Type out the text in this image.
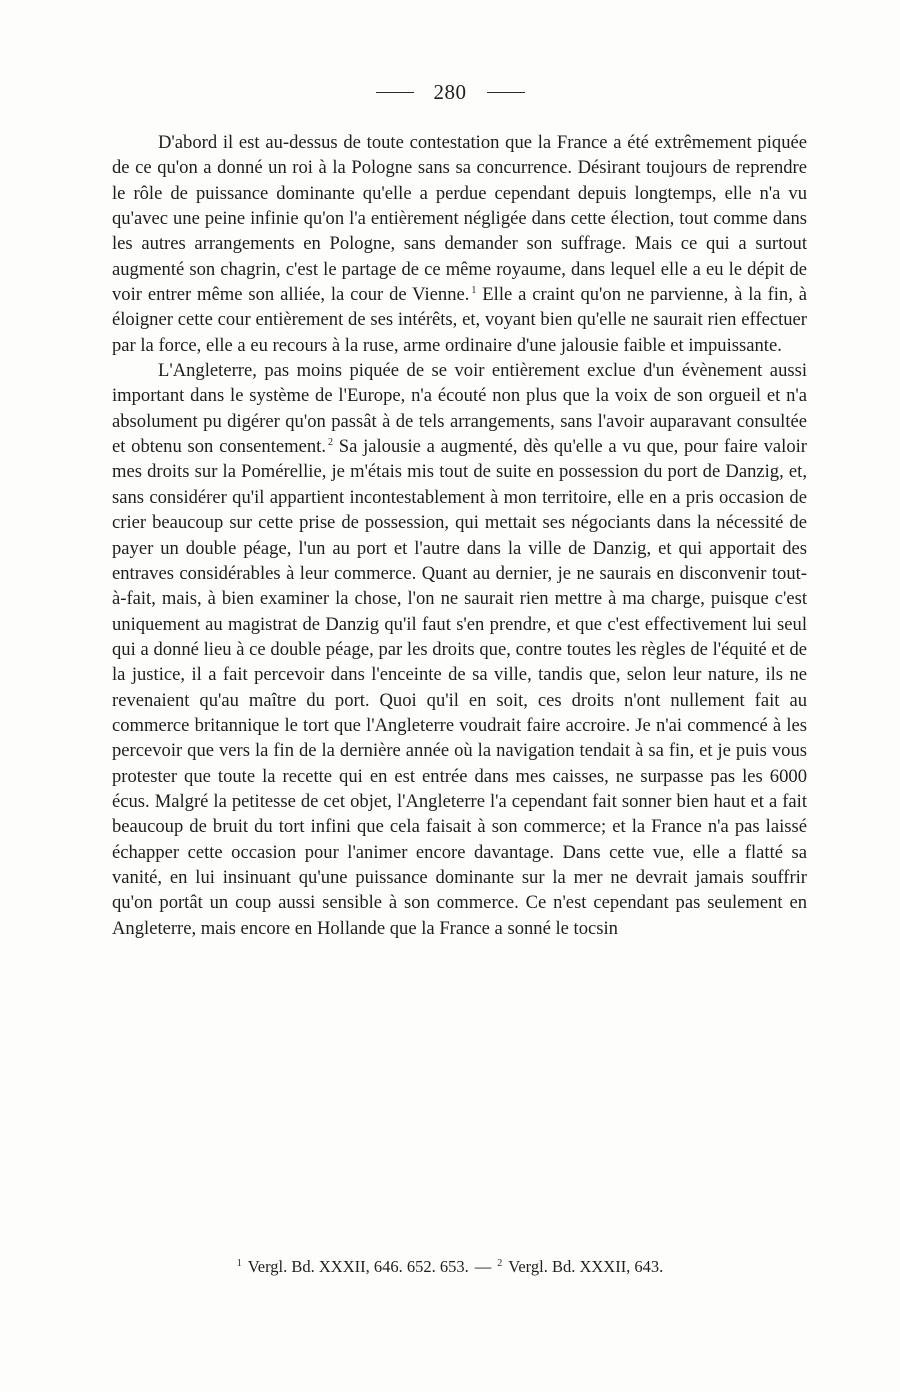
280

D'abord il est au-dessus de toute contestation que la France a été extrêmement piquée de ce qu'on a donné un roi à la Pologne sans sa concurrence. Désirant toujours de reprendre le rôle de puissance dominante qu'elle a perdue cependant depuis longtemps, elle n'a vu qu'avec une peine infinie qu'on l'a entièrement négligée dans cette élection, tout comme dans les autres arrangements en Pologne, sans demander son suffrage. Mais ce qui a surtout augmenté son chagrin, c'est le partage de ce même royaume, dans lequel elle a eu le dépit de voir entrer même son alliée, la cour de Vienne. $^1$ Elle a craint qu'on ne parvienne, à la fin, à éloigner cette cour entièrement de ses intérêts, et, voyant bien qu'elle ne saurait rien effectuer par la force, elle a eu recours à la ruse, arme ordinaire d'une jalousie faible et impuissante.

L'Angleterre, pas moins piquée de se voir entièrement exclue d'un évènement aussi important dans le système de l'Europe, n'a écouté non plus que la voix de son orgueil et n'a absolument pu digérer qu'on passât à de tels arrangements, sans l'avoir auparavant consultée et obtenu son consentement. $^2$ Sa jalousie a augmenté, dès qu'elle a vu que, pour faire valoir mes droits sur la Pomérellie, je m'étais mis tout de suite en possession du port de Danzig, et, sans considérer qu'il appartient incontestablement à mon territoire, elle en a pris occasion de crier beaucoup sur cette prise de possession, qui mettait ses négociants dans la nécessité de payer un double péage, l'un au port et l'autre dans la ville de Danzig, et qui apportait des entraves considérables à leur commerce. Quant au dernier, je ne saurais en disconvenir tout-à-fait, mais, à bien examiner la chose, l'on ne saurait rien mettre à ma charge, puisque c'est uniquement au magistrat de Danzig qu'il faut s'en prendre, et que c'est effectivement lui seul qui a donné lieu à ce double péage, par les droits que, contre toutes les règles de l'équité et de la justice, il a fait percevoir dans l'enceinte de sa ville, tandis que, selon leur nature, ils ne revenaient qu'au maître du port. Quoi qu'il en soit, ces droits n'ont nullement fait au commerce britannique le tort que l'Angleterre voudrait faire accroire. Je n'ai commencé à les percevoir que vers la fin de la dernière année où la navigation tendait à sa fin, et je puis vous protester que toute la recette qui en est entrée dans mes caisses, ne surpasse pas les 6000 écus. Malgré la petitesse de cet objet, l'Angleterre l'a cependant fait sonner bien haut et a fait beaucoup de bruit du tort infini que cela faisait à son commerce; et la France n'a pas laissé échapper cette occasion pour l'animer encore davantage. Dans cette vue, elle a flatté sa vanité, en lui insinuant qu'une puissance dominante sur la mer ne devrait jamais souffrir qu'on portât un coup aussi sensible à son commerce. Ce n'est cependant pas seulement en Angleterre, mais encore en Hollande que la France a sonné le tocsin

$^1$ Vergl. Bd. XXXII, 646. 652. 653. — $^2$ Vergl. Bd. XXXII, 643.
